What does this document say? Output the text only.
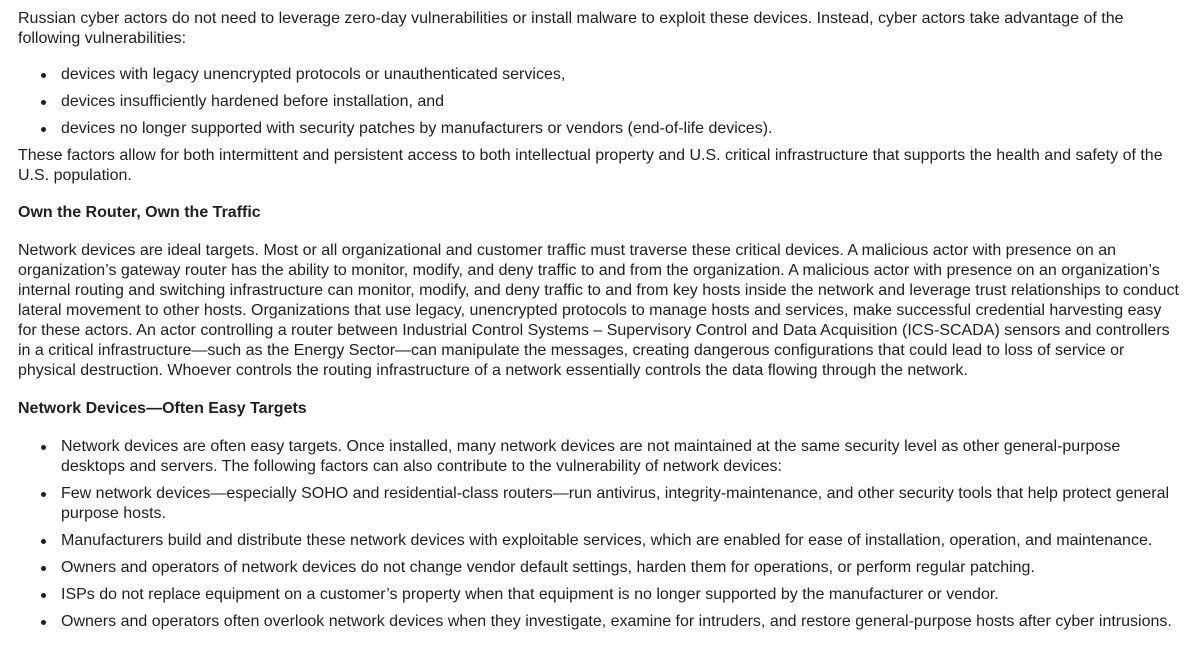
Russian cyber actors do not need to leverage zero-day vulnerabilities or install malware to exploit these devices. Instead, cyber actors take advantage of the following vulnerabilities:

devices with legacy unencrypted protocols or unauthenticated services,
devices insufficiently hardened before installation, and
devices no longer supported with security patches by manufacturers or vendors (end-of-life devices).

These factors allow for both intermittent and persistent access to both intellectual property and U.S. critical infrastructure that supports the health and safety of the U.S. population.

Own the Router, Own the Traffic

Network devices are ideal targets. Most or all organizational and customer traffic must traverse these critical devices. A malicious actor with presence on an organization’s gateway router has the ability to monitor, modify, and deny traffic to and from the organization. A malicious actor with presence on an organization’s internal routing and switching infrastructure can monitor, modify, and deny traffic to and from key hosts inside the network and leverage trust relationships to conduct lateral movement to other hosts. Organizations that use legacy, unencrypted protocols to manage hosts and services, make successful credential harvesting easy for these actors. An actor controlling a router between Industrial Control Systems – Supervisory Control and Data Acquisition (ICS-SCADA) sensors and controllers in a critical infrastructure—such as the Energy Sector—can manipulate the messages, creating dangerous configurations that could lead to loss of service or physical destruction. Whoever controls the routing infrastructure of a network essentially controls the data flowing through the network.

Network Devices—Often Easy Targets
Network devices are often easy targets. Once installed, many network devices are not maintained at the same security level as other general-purpose desktops and servers. The following factors can also contribute to the vulnerability of network devices:
Few network devices—especially SOHO and residential-class routers—run antivirus, integrity-maintenance, and other security tools that help protect general purpose hosts.
Manufacturers build and distribute these network devices with exploitable services, which are enabled for ease of installation, operation, and maintenance.
Owners and operators of network devices do not change vendor default settings, harden them for operations, or perform regular patching.
ISPs do not replace equipment on a customer’s property when that equipment is no longer supported by the manufacturer or vendor.
Owners and operators often overlook network devices when they investigate, examine for intruders, and restore general-purpose hosts after cyber intrusions.
